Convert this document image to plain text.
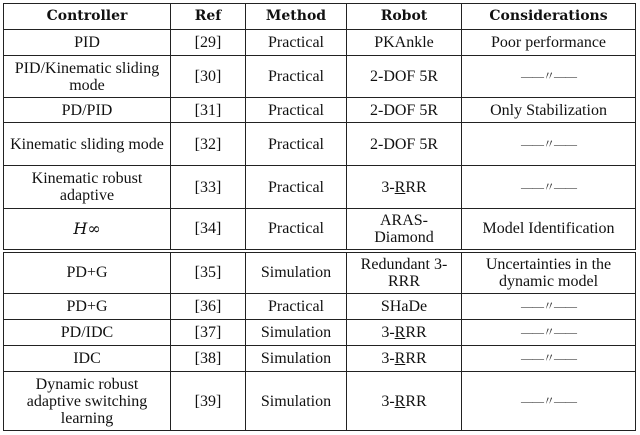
Controller	Ref	Method	Robot	Considerations
PID	[29]	Practical	PKAnkle	Poor performance
PID/Kinematic sliding mode	[30]	Practical	2-DOF 5R	——〃——
PD/PID	[31]	Practical	2-DOF 5R	Only Stabilization
Kinematic sliding mode	[32]	Practical	2-DOF 5R	——〃——
Kinematic robust adaptive	[33]	Practical	3-RRR	——〃——
H∞	[34]	Practical	ARAS-Diamond	Model Identification
PD+G	[35]	Simulation	Redundant 3-RRR	Uncertainties in the dynamic model
PD+G	[36]	Practical	SHaDe	——〃——
PD/IDC	[37]	Simulation	3-RRR	——〃——
IDC	[38]	Simulation	3-RRR	——〃——
Dynamic robust adaptive switching learning	[39]	Simulation	3-RRR	——〃——
